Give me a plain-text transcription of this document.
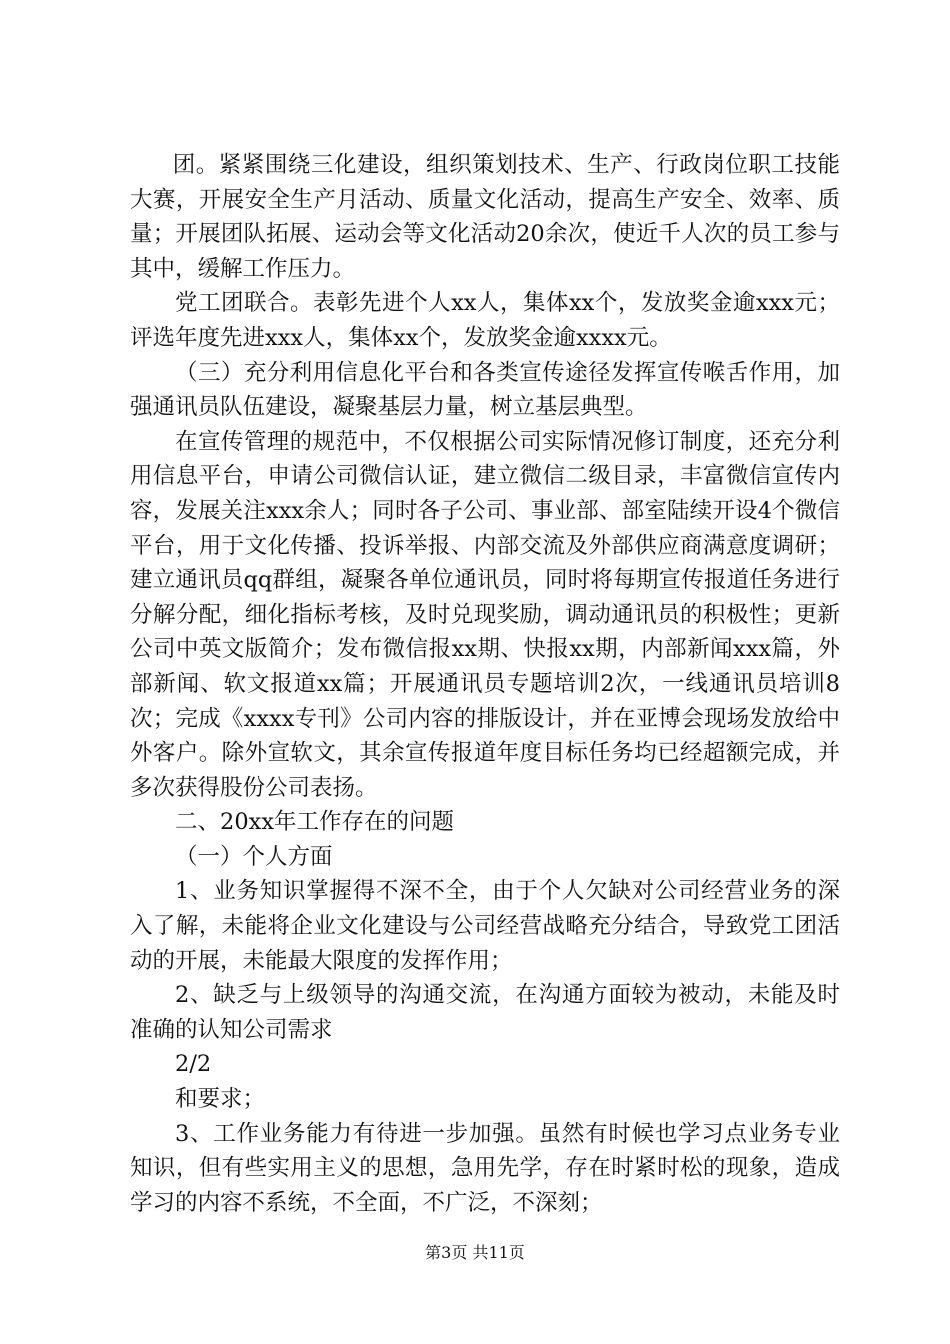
团。紧紧围绕三化建设，组织策划技术、生产、行政岗位职工技能大赛，开展安全生产月活动、质量文化活动，提高生产安全、效率、质量；开展团队拓展、运动会等文化活动20余次，使近千人次的员工参与其中，缓解工作压力。

党工团联合。表彰先进个人xx人，集体xx个，发放奖金逾xxx元；评选年度先进xxx人，集体xx个，发放奖金逾xxxx元。

（三）充分利用信息化平台和各类宣传途径发挥宣传喉舌作用，加强通讯员队伍建设，凝聚基层力量，树立基层典型。

在宣传管理的规范中，不仅根据公司实际情况修订制度，还充分利用信息平台，申请公司微信认证，建立微信二级目录，丰富微信宣传内容，发展关注xxx余人；同时各子公司、事业部、部室陆续开设4个微信平台，用于文化传播、投诉举报、内部交流及外部供应商满意度调研；建立通讯员qq群组，凝聚各单位通讯员，同时将每期宣传报道任务进行分解分配，细化指标考核，及时兑现奖励，调动通讯员的积极性；更新公司中英文版简介；发布微信报xx期、快报xx期，内部新闻xxx篇，外部新闻、软文报道xx篇；开展通讯员专题培训2次，一线通讯员培训8次；完成《xxxx专刊》公司内容的排版设计，并在亚博会现场发放给中外客户。除外宣软文，其余宣传报道年度目标任务均已经超额完成，并多次获得股份公司表扬。

二、20xx年工作存在的问题

（一）个人方面

1、业务知识掌握得不深不全，由于个人欠缺对公司经营业务的深入了解，未能将企业文化建设与公司经营战略充分结合，导致党工团活动的开展，未能最大限度的发挥作用；

2、缺乏与上级领导的沟通交流，在沟通方面较为被动，未能及时准确的认知公司需求

2/2

和要求；

3、工作业务能力有待进一步加强。虽然有时候也学习点业务专业知识，但有些实用主义的思想，急用先学，存在时紧时松的现象，造成学习的内容不系统，不全面，不广泛，不深刻；

第3页 共11页
